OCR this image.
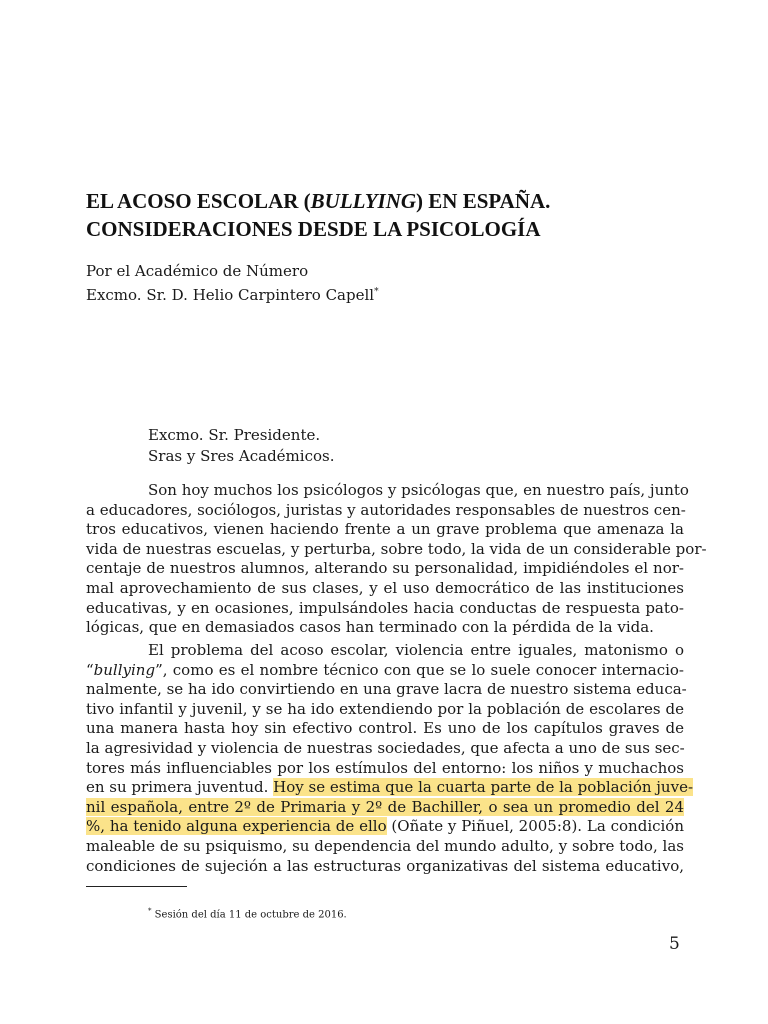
EL ACOSO ESCOLAR (BULLYING) EN ESPAÑA.
CONSIDERACIONES DESDE LA PSICOLOGÍA
Por el Académico de Número
Excmo. Sr. D. Helio Carpintero Capell*
Excmo. Sr. Presidente.
Sras y Sres Académicos.
Son hoy muchos los psicólogos y psicólogas que, en nuestro país, junto
a educadores, sociólogos, juristas y autoridades responsables de nuestros cen-
tros educativos, vienen haciendo frente a un grave problema que amenaza la
vida de nuestras escuelas, y perturba, sobre todo, la vida de un considerable por-
centaje de nuestros alumnos, alterando su personalidad, impidiéndoles el nor-
mal aprovechamiento de sus clases, y el uso democrático de las instituciones
educativas, y en ocasiones, impulsándoles hacia conductas de respuesta pato-
lógicas, que en demasiados casos han terminado con la pérdida de la vida.
El problema del acoso escolar, violencia entre iguales, matonismo o
“bullying”, como es el nombre técnico con que se lo suele conocer internacio-
nalmente, se ha ido convirtiendo en una grave lacra de nuestro sistema educa-
tivo infantil y juvenil, y se ha ido extendiendo por la población de escolares de
una manera hasta hoy sin efectivo control. Es uno de los capítulos graves de
la agresividad y violencia de nuestras sociedades, que afecta a uno de sus sec-
tores más influenciables por los estímulos del entorno: los niños y muchachos
en su primera juventud. Hoy se estima que la cuarta parte de la población juve-
nil española, entre 2º de Primaria y 2º de Bachiller, o sea un promedio del 24
%, ha tenido alguna experiencia de ello (Oñate y Piñuel, 2005:8). La condición
maleable de su psiquismo, su dependencia del mundo adulto, y sobre todo, las
condiciones de sujeción a las estructuras organizativas del sistema educativo,
* Sesión del día 11 de octubre de 2016.
5
